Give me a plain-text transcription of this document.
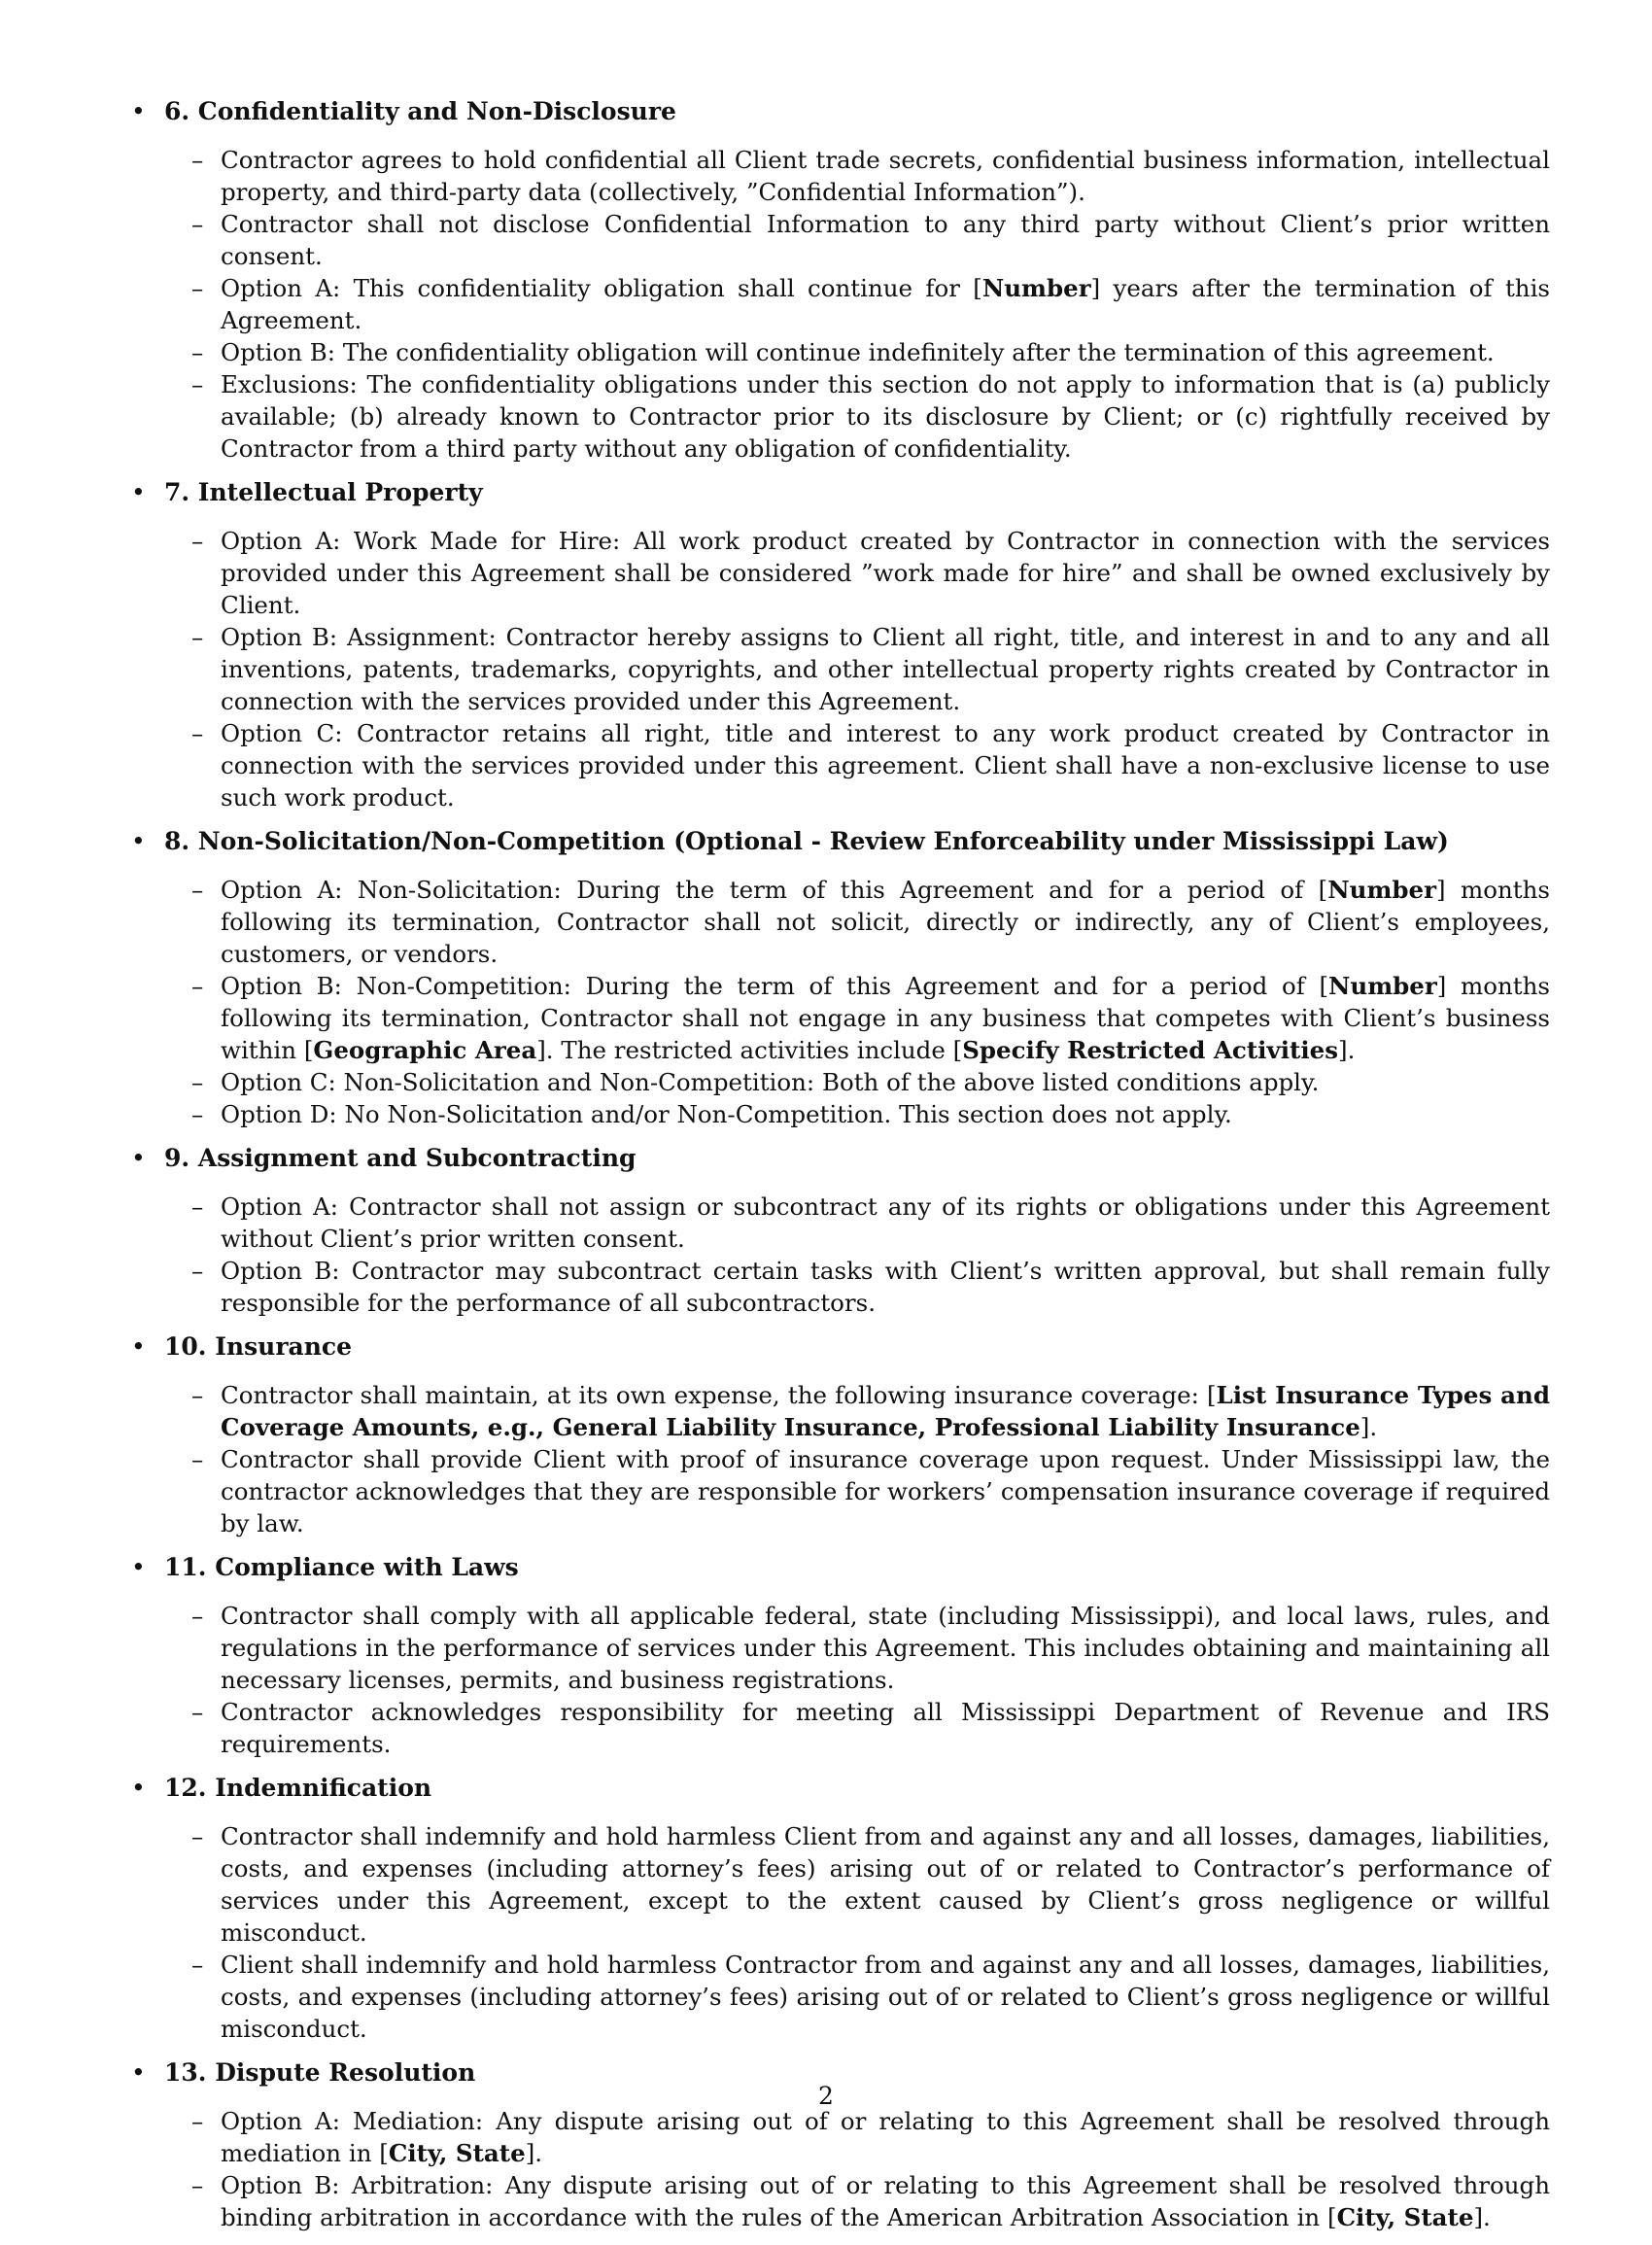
• 6. Confidentiality and Non-Disclosure
– Contractor agrees to hold confidential all Client trade secrets, confidential business information, intellectual property, and third-party data (collectively, ”Confidential Information”).
– Contractor shall not disclose Confidential Information to any third party without Client’s prior written consent.
– Option A: This confidentiality obligation shall continue for [Number] years after the termination of this Agreement.
– Option B: The confidentiality obligation will continue indefinitely after the termination of this agreement.
– Exclusions: The confidentiality obligations under this section do not apply to information that is (a) publicly available; (b) already known to Contractor prior to its disclosure by Client; or (c) rightfully received by Contractor from a third party without any obligation of confidentiality.
• 7. Intellectual Property
– Option A: Work Made for Hire: All work product created by Contractor in connection with the services provided under this Agreement shall be considered ”work made for hire” and shall be owned exclusively by Client.
– Option B: Assignment: Contractor hereby assigns to Client all right, title, and interest in and to any and all inventions, patents, trademarks, copyrights, and other intellectual property rights created by Contractor in connection with the services provided under this Agreement.
– Option C: Contractor retains all right, title and interest to any work product created by Contractor in connection with the services provided under this agreement. Client shall have a non-exclusive license to use such work product.
• 8. Non-Solicitation/Non-Competition (Optional - Review Enforceability under Mississippi Law)
– Option A: Non-Solicitation: During the term of this Agreement and for a period of [Number] months following its termination, Contractor shall not solicit, directly or indirectly, any of Client’s employees, customers, or vendors.
– Option B: Non-Competition: During the term of this Agreement and for a period of [Number] months following its termination, Contractor shall not engage in any business that competes with Client’s business within [Geographic Area]. The restricted activities include [Specify Restricted Activities].
– Option C: Non-Solicitation and Non-Competition: Both of the above listed conditions apply.
– Option D: No Non-Solicitation and/or Non-Competition. This section does not apply.
• 9. Assignment and Subcontracting
– Option A: Contractor shall not assign or subcontract any of its rights or obligations under this Agreement without Client’s prior written consent.
– Option B: Contractor may subcontract certain tasks with Client’s written approval, but shall remain fully responsible for the performance of all subcontractors.
• 10. Insurance
– Contractor shall maintain, at its own expense, the following insurance coverage: [List Insurance Types and Coverage Amounts, e.g., General Liability Insurance, Professional Liability Insurance].
– Contractor shall provide Client with proof of insurance coverage upon request. Under Mississippi law, the contractor acknowledges that they are responsible for workers’ compensation insurance coverage if required by law.
• 11. Compliance with Laws
– Contractor shall comply with all applicable federal, state (including Mississippi), and local laws, rules, and regulations in the performance of services under this Agreement. This includes obtaining and maintaining all necessary licenses, permits, and business registrations.
– Contractor acknowledges responsibility for meeting all Mississippi Department of Revenue and IRS requirements.
• 12. Indemnification
– Contractor shall indemnify and hold harmless Client from and against any and all losses, damages, liabilities, costs, and expenses (including attorney’s fees) arising out of or related to Contractor’s performance of services under this Agreement, except to the extent caused by Client’s gross negligence or willful misconduct.
– Client shall indemnify and hold harmless Contractor from and against any and all losses, damages, liabilities, costs, and expenses (including attorney’s fees) arising out of or related to Client’s gross negligence or willful misconduct.
• 13. Dispute Resolution
– Option A: Mediation: Any dispute arising out of or relating to this Agreement shall be resolved through mediation in [City, State].
– Option B: Arbitration: Any dispute arising out of or relating to this Agreement shall be resolved through binding arbitration in accordance with the rules of the American Arbitration Association in [City, State].
2
